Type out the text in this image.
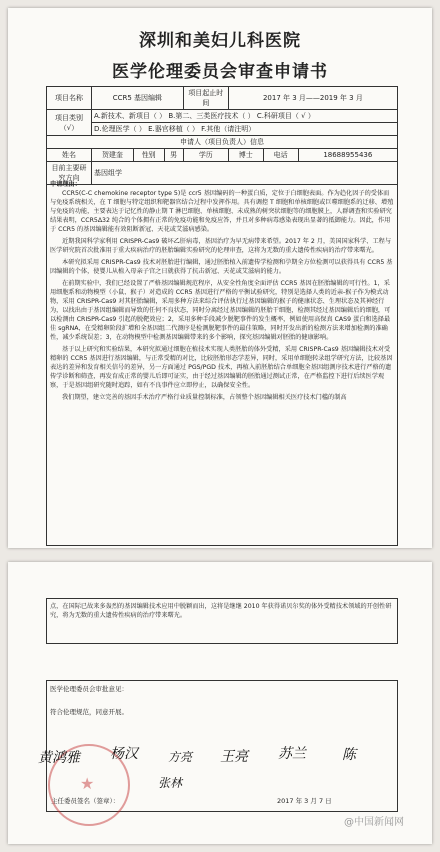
深圳和美妇儿科医院
医学伦理委员会审查申请书
项目名称	CCR5 基因编辑			项目起止时间	2017 年 3 月——2019 年 3 月		
项目类别（√）	A.新技术、新项目（ ） B.第二、三类医疗技术（ ） C.科研项目（ √ ）						
	D.伦理医学（ ） E.器官移植（ ） F.其他（请注明）						
申请人（项目负责人）信息							
姓名	贺建奎	性别	男	学历	博士	电话	18688955436
目前主要研究方向	基因组学						
申请理由：

CCR5(C-C chemokine receptor type 5)是 ccr5 基因编码的一种蛋白质，定位于白细胞表面。作为趋化因子的受体而与免疫系统相关，在 T 细胞与特定组织和靶器官结合过程中发挥作用。具有调控 T 细胞和单核细胞或巨噬细胞系的迁移、增殖与免疫的功能，主要表达于记忆性的静止期 T 淋巴细胞、单核细胞、未成熟的树突状细胞等的细胞膜上，人群调查和实验研究结果表明，CCR5Δ32 纯合的个体拥有正常的免疫功能和免疫应答，并且对多种病毒感染表现出显著的抵御能力。因此，作用于 CCR5 的基因编辑能有效阻断新冠、天花或艾滋病感染。

近期我国科学家利用 CRISPR-Cas9 破坏乙肝病毒，基因治疗为早无病带来希望。2017 年 2 月，美国国家科学、工程与医学研究院首次批准用于重大疾病治疗的胚胎编辑实验研究的伦理审查，这将为无数的重大遗传性疾病的治疗带来曙光。

本研究拟采用 CRISPR-Cas9 技术对胚胎进行编辑，通过胚胎植入前遗传学检测和孕期全方位检测可以获得具有 CCR5 基因编辑的个体，使婴儿从植入母亲子宫之日就获得了抗击新冠、天花或艾滋病的能力。

在前期实验中，我们已经设置了严格基因编辑规范程序，从安全性角度全面评估 CCR5 基因在胚胎编辑的可行性。1，采用细胞系和动物模型（小鼠、猴子）对造成的 CCR5 基因进行严格的平衡试验研究，特别是选择人类的近亲-猴子作为模式动物，采用 CRISPR-Cas9 对其胚胎编辑，采用多种方法来综合评估执行过基因编辑的猴子的健康状态、生理状态及其神经行为，以找出由于基因组编辑而导致的任何不良状态，同时分离经过基因编辑的胚胎干细胞，检测其经过基因编辑后的细胞，可以检测由 CRISPR-Cas9 引起的脱靶效应；2，采用多种手段减少脱靶事件的发生概率，例如使用高保真 CAS9 蛋白和选择最佳 sgRNA，在受精卵阶段扩增和全基因组二代测序是检测脱靶事件的最佳策略，同时开发出新的检测方法来增加检测的准确性，减少系统误差；3，在动物模型中检测基因编辑带来的多个影响，探究基因编辑对胚胎的健康影响。

基于以上研究和实验结果，本研究拟通过细胞在植技术实现人类胚胎的体外受精，采用 CRISPR-Cas9 基因编辑技术对受精卵的 CCR5 基因进行基因编辑，与正常受精的对比，比较胚胎形态学差异，同时，采用单细胞转录组学研究方法，比较基因表达的差异和发育相关信号的差异，另一方面通过 PGS/PGD 技术，再植入前胚胎结合单细胞全基因组测序技术进行严格的遗传学诊断和筛查，再发育成正常的婴儿后即可证实，由于经过基因编辑的胚胎通过测试正常，在严格监控下进行后续医学观察，于是基因组研究随时追踪，如有不良事件应立即停止，以确保安全性。

我们期望，建立完善的基因手术治疗严格行业质量控制标准，占领整个基因编辑相关医疗技术门槛的制高

点，在国际已故来多轰烈的基因编辑技术应用中脱颖而出，这将是继继 2010 年获得诺贝尔奖的体外受精技术领域的开创性研究，将为无数的重大遗传性疾病的治疗带来曙光。

医学伦理委员会审批意见：
符合伦理规范，同意开展。
主任委员签名（签章）：	2017 年 3 月 7 日
★
黄鸿雅 杨汉	方亮 王亮 苏兰	陈
张林
@中国新闻网
